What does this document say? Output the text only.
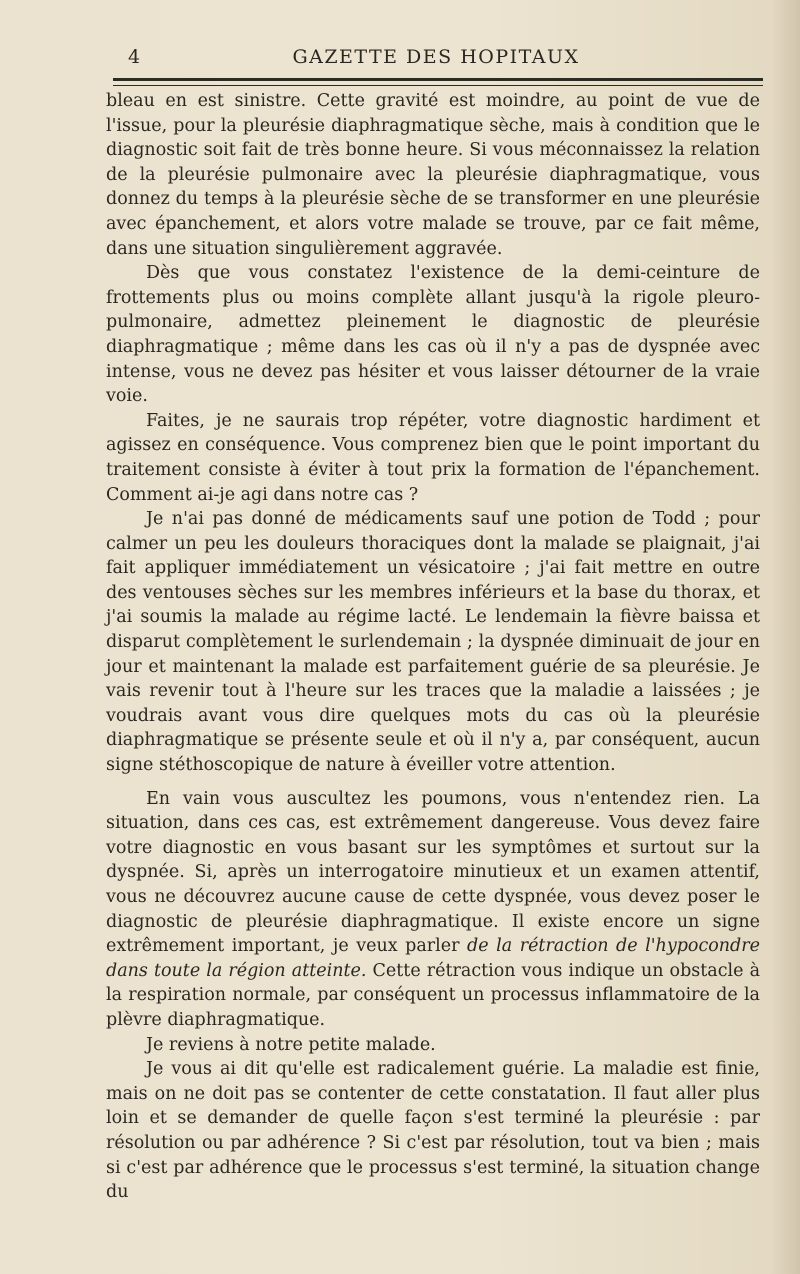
4	GAZETTE DES HOPITAUX

bleau en est sinistre. Cette gravité est moindre, au point de vue de l'issue, pour la pleurésie diaphragmatique sèche, mais à condition que le diagnostic soit fait de très bonne heure. Si vous méconnaissez la relation de la pleurésie pulmonaire avec la pleurésie diaphragmatique, vous donnez du temps à la pleurésie sèche de se transformer en une pleurésie avec épanchement, et alors votre malade se trouve, par ce fait même, dans une situation singulièrement aggravée.

Dès que vous constatez l'existence de la demi-ceinture de frottements plus ou moins complète allant jusqu'à la rigole pleuro-pulmonaire, admettez pleinement le diagnostic de pleurésie diaphragmatique ; même dans les cas où il n'y a pas de dyspnée avec intense, vous ne devez pas hésiter et vous laisser détourner de la vraie voie.

Faites, je ne saurais trop répéter, votre diagnostic hardiment et agissez en conséquence. Vous comprenez bien que le point important du traitement consiste à éviter à tout prix la formation de l'épanchement. Comment ai-je agi dans notre cas ?

Je n'ai pas donné de médicaments sauf une potion de Todd ; pour calmer un peu les douleurs thoraciques dont la malade se plaignait, j'ai fait appliquer immédiatement un vésicatoire ; j'ai fait mettre en outre des ventouses sèches sur les membres inférieurs et la base du thorax, et j'ai soumis la malade au régime lacté. Le lendemain la fièvre baissa et disparut complètement le surlendemain ; la dyspnée diminuait de jour en jour et maintenant la malade est parfaitement guérie de sa pleurésie. Je vais revenir tout à l'heure sur les traces que la maladie a laissées ; je voudrais avant vous dire quelques mots du cas où la pleurésie diaphragmatique se présente seule et où il n'y a, par conséquent, aucun signe stéthoscopique de nature à éveiller votre attention.

En vain vous auscultez les poumons, vous n'entendez rien. La situation, dans ces cas, est extrêmement dangereuse. Vous devez faire votre diagnostic en vous basant sur les symptômes et surtout sur la dyspnée. Si, après un interrogatoire minutieux et un examen attentif, vous ne découvrez aucune cause de cette dyspnée, vous devez poser le diagnostic de pleurésie diaphragmatique. Il existe encore un signe extrêmement important, je veux parler de la rétraction de l'hypocondre dans toute la région atteinte. Cette rétraction vous indique un obstacle à la respiration normale, par conséquent un processus inflammatoire de la plèvre diaphragmatique.

Je reviens à notre petite malade.

Je vous ai dit qu'elle est radicalement guérie. La maladie est finie, mais on ne doit pas se contenter de cette constatation. Il faut aller plus loin et se demander de quelle façon s'est terminé la pleurésie : par résolution ou par adhérence ? Si c'est par résolution, tout va bien ; mais si c'est par adhérence que le processus s'est terminé, la situation change du
